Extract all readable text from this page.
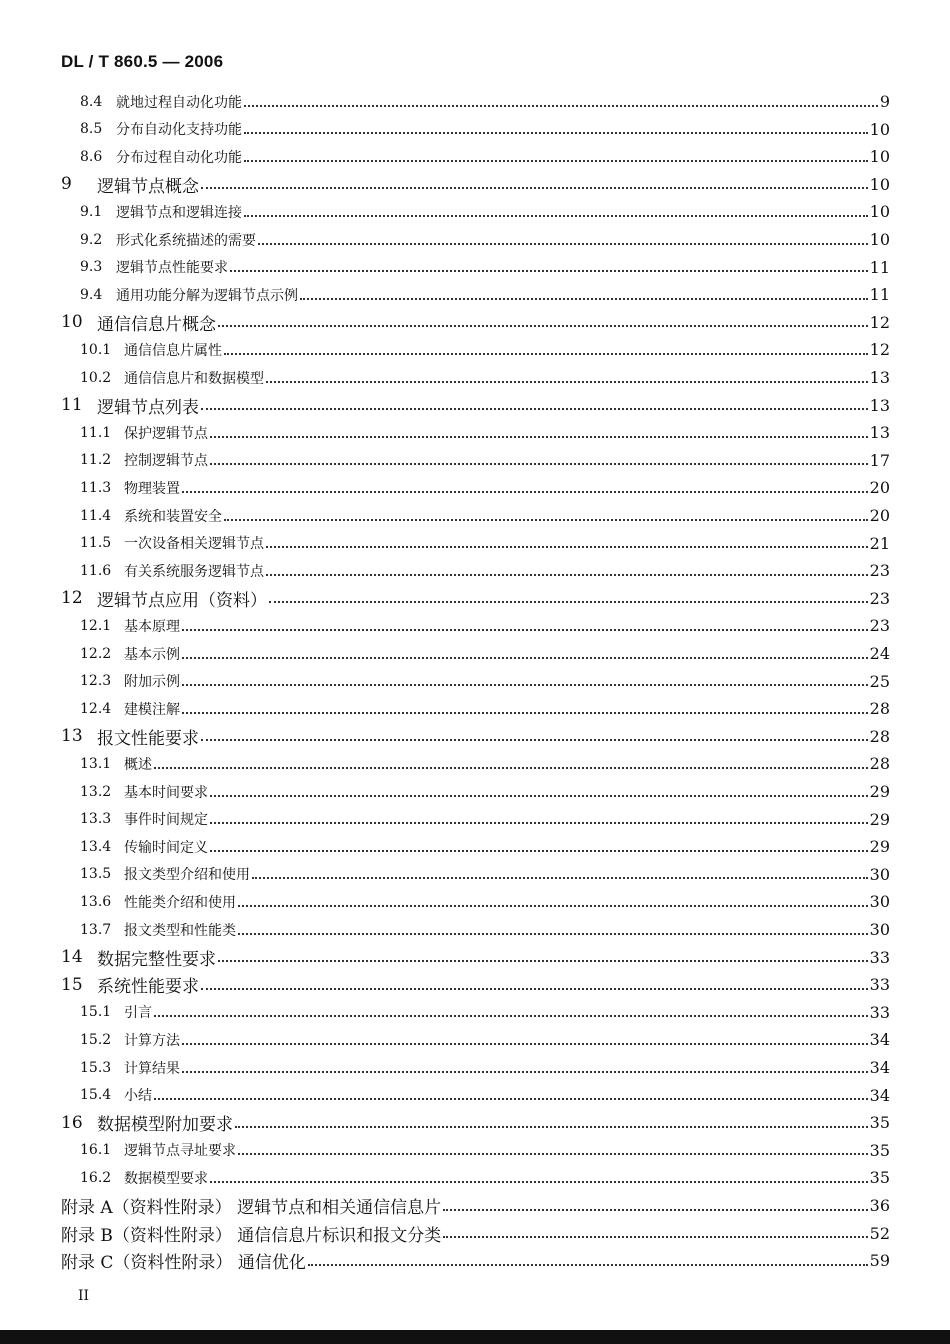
DL / T 860.5 — 2006
8.4 就地过程自动化功能	9
8.5 分布自动化支持功能	10
8.6 分布过程自动化功能	10
9	逻辑节点概念	10
9.1 逻辑节点和逻辑连接	10
9.2 形式化系统描述的需要	10
9.3 逻辑节点性能要求	11
9.4 通用功能分解为逻辑节点示例	11
10 通信信息片概念	12
10.1 通信信息片属性	12
10.2 通信信息片和数据模型	13
11 逻辑节点列表	13
11.1 保护逻辑节点	13
11.2 控制逻辑节点	17
11.3 物理装置	20
11.4 系统和装置安全	20
11.5 一次设备相关逻辑节点	21
11.6 有关系统服务逻辑节点	23
12 逻辑节点应用（资料）	23
12.1 基本原理	23
12.2 基本示例	24
12.3 附加示例	25
12.4 建模注解	28
13 报文性能要求	28
13.1 概述	28
13.2 基本时间要求	29
13.3 事件时间规定	29
13.4 传输时间定义	29
13.5 报文类型介绍和使用	30
13.6 性能类介绍和使用	30
13.7 报文类型和性能类	30
14 数据完整性要求	33
15 系统性能要求	33
15.1 引言	33
15.2 计算方法	34
15.3 计算结果	34
15.4 小结	34
16 数据模型附加要求	35
16.1 逻辑节点寻址要求	35
16.2 数据模型要求	35
附录 A（资料性附录） 逻辑节点和相关通信信息片	36
附录 B（资料性附录） 通信信息片标识和报文分类	52
附录 C（资料性附录） 通信优化	59
II
